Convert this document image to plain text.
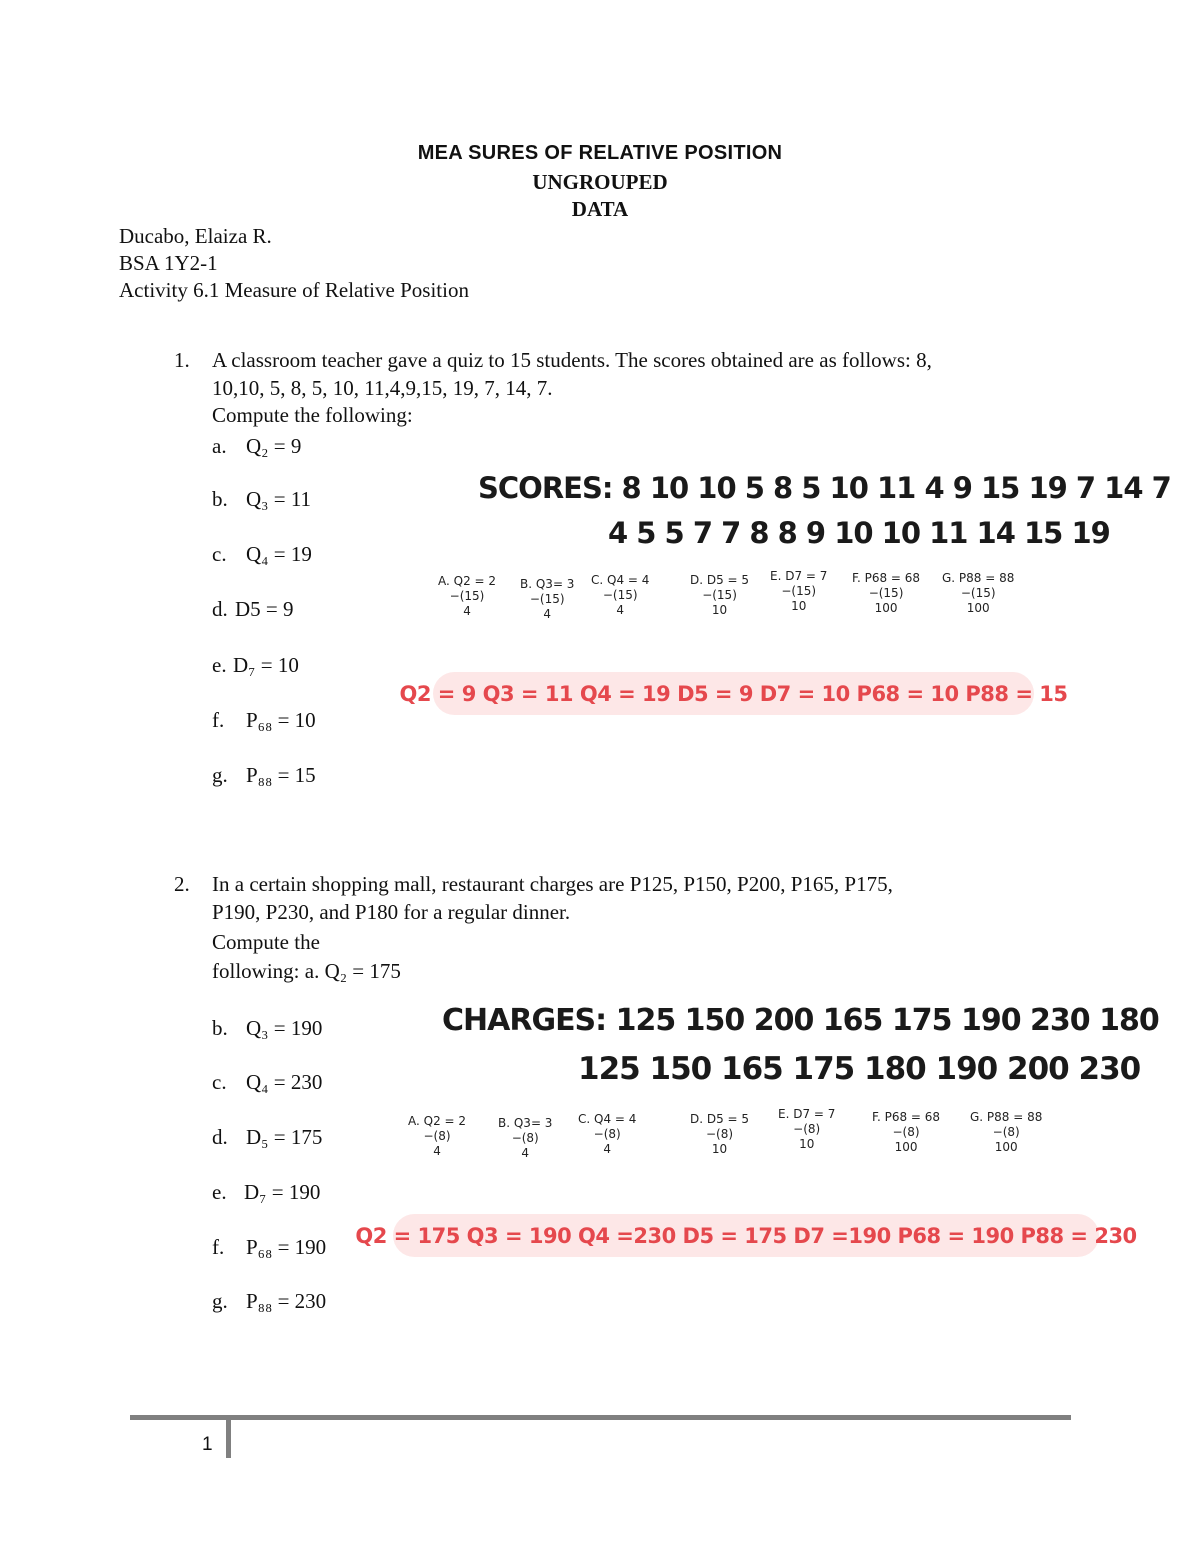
MEA SURES OF RELATIVE POSITION
UNGROUPED
DATA
Ducabo, Elaiza R.
BSA 1Y2-1
Activity 6.1 Measure of Relative Position
1. A classroom teacher gave a quiz to 15 students. The scores obtained are as follows: 8,
10,10, 5, 8, 5, 10, 11,4,9,15, 19, 7, 14, 7.
Compute the following:
a. Q₂ = 9
b. Q₃ = 11
c. Q₄ = 19
d. D5 = 9
e. D₇ = 10
f. P₆₈ = 10
g. P₈₈ = 15
SCORES: 8 10 10 5 8 5 10 11 4 9 15 19 7 14 7
4 5 5 7 7 8 8 9 10 10 11 14 15 19
A. Q2 = 2
−(15)
4
B. Q3= 3
−(15)
4
C. Q4 = 4
−(15)
4
D. D5 = 5
−(15)
10
E. D7 = 7
−(15)
10
F. P68 = 68
−(15)
100
G. P88 = 88
−(15)
100
Q2 = 9 Q3 = 11 Q4 = 19 D5 = 9 D7 = 10 P68 = 10 P88 = 15
2. In a certain shopping mall, restaurant charges are P125, P150, P200, P165, P175,
P190, P230, and P180 for a regular dinner.
Compute the
following: a. Q₂ = 175
b. Q₃ = 190
c. Q₄ = 230
d. D₅ = 175
e. D₇ = 190
f. P₆₈ = 190
g. P₈₈ = 230
CHARGES: 125 150 200 165 175 190 230 180
125 150 165 175 180 190 200 230
A. Q2 = 2
−(8)
4
B. Q3= 3
−(8)
4
C. Q4 = 4
−(8)
4
D. D5 = 5
−(8)
10
E. D7 = 7
−(8)
10
F. P68 = 68
−(8)
100
G. P88 = 88
−(8)
100
Q2 = 175 Q3 = 190 Q4 =230 D5 = 175 D7 =190 P68 = 190 P88 = 230
1
